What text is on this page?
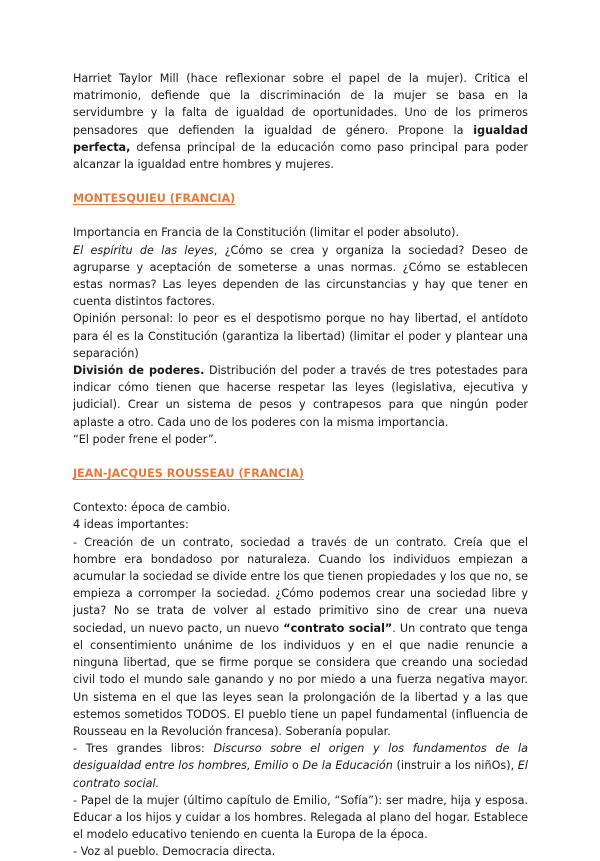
Harriet Taylor Mill (hace reflexionar sobre el papel de la mujer). Critica el matrimonio, defiende que la discriminación de la mujer se basa en la servidumbre y la falta de igualdad de oportunidades. Uno de los primeros pensadores que defienden la igualdad de género. Propone la igualdad perfecta, defensa principal de la educación como paso principal para poder alcanzar la igualdad entre hombres y mujeres.

MONTESQUIEU (FRANCIA)

Importancia en Francia de la Constitución (limitar el poder absoluto).

El espíritu de las leyes, ¿Cómo se crea y organiza la sociedad? Deseo de agruparse y aceptación de someterse a unas normas. ¿Cómo se establecen estas normas? Las leyes dependen de las circunstancias y hay que tener en cuenta distintos factores.

Opinión personal: lo peor es el despotismo porque no hay libertad, el antídoto para él es la Constitución (garantiza la libertad) (limitar el poder y plantear una separación)

División de poderes. Distribución del poder a través de tres potestades para indicar cómo tienen que hacerse respetar las leyes (legislativa, ejecutiva y judicial). Crear un sistema de pesos y contrapesos para que ningún poder aplaste a otro. Cada uno de los poderes con la misma importancia.

“El poder frene el poder”.

JEAN-JACQUES ROUSSEAU (FRANCIA)

Contexto: época de cambio.

4 ideas importantes:

- Creación de un contrato, sociedad a través de un contrato. Creía que el hombre era bondadoso por naturaleza. Cuando los individuos empiezan a acumular la sociedad se divide entre los que tienen propiedades y los que no, se empieza a corromper la sociedad. ¿Cómo podemos crear una sociedad libre y justa? No se trata de volver al estado primitivo sino de crear una nueva sociedad, un nuevo pacto, un nuevo “contrato social”. Un contrato que tenga el consentimiento unánime de los individuos y en el que nadie renuncie a ninguna libertad, que se firme porque se considera que creando una sociedad civil todo el mundo sale ganando y no por miedo a una fuerza negativa mayor. Un sistema en el que las leyes sean la prolongación de la libertad y a las que estemos sometidos TODOS. El pueblo tiene un papel fundamental (influencia de Rousseau en la Revolución francesa). Soberanía popular.

- Tres grandes libros: Discurso sobre el origen y los fundamentos de la desigualdad entre los hombres, Emilio o De la Educación (instruir a los niñOs), El contrato social.

- Papel de la mujer (último capítulo de Emilio, “Sofía”): ser madre, hija y esposa. Educar a los hijos y cuidar a los hombres. Relegada al plano del hogar. Establece el modelo educativo teniendo en cuenta la Europa de la época.

- Voz al pueblo. Democracia directa.
